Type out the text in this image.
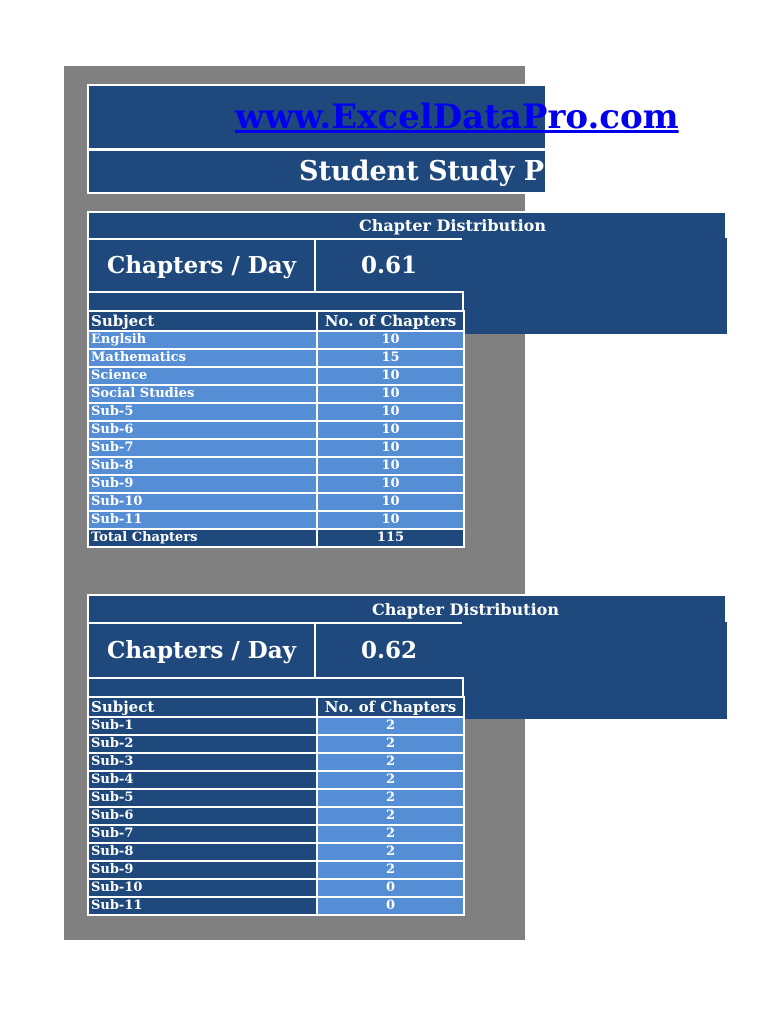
www.ExcelDataPro.com
Student Study Planner
Chapter Distribution
Chapters / Day	0.61
Subject	No. of Chapters
Englsih	10
Mathematics	15
Science	10
Social Studies	10
Sub-5	10
Sub-6	10
Sub-7	10
Sub-8	10
Sub-9	10
Sub-10	10
Sub-11	10
Total Chapters	115
Chapter Distribution
Chapters / Day	0.62
Subject	No. of Chapters
Sub-1	2
Sub-2	2
Sub-3	2
Sub-4	2
Sub-5	2
Sub-6	2
Sub-7	2
Sub-8	2
Sub-9	2
Sub-10	0
Sub-11	0
